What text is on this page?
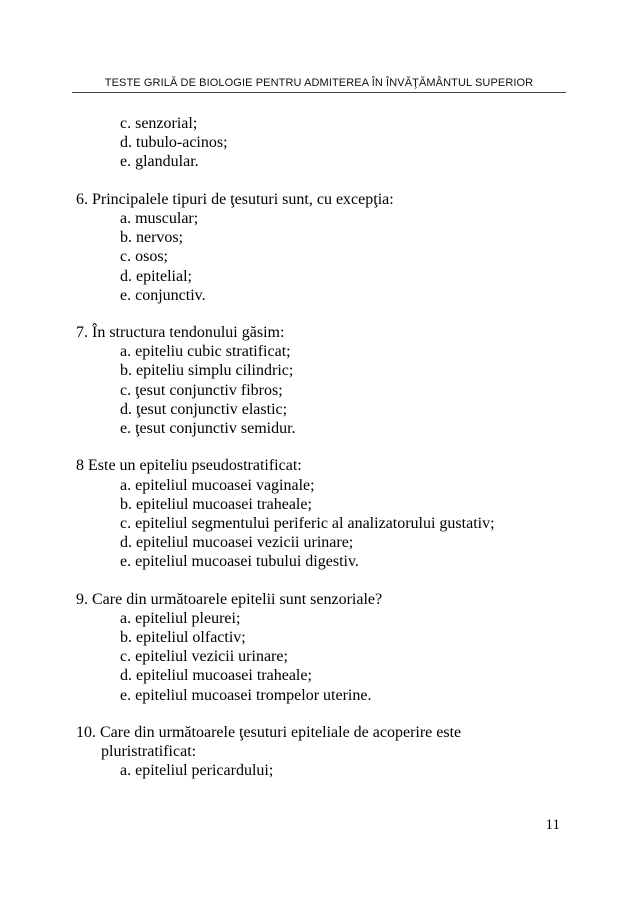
TESTE GRILĂ DE BIOLOGIE PENTRU ADMITEREA ÎN ÎNVĂŢĂMÂNTUL SUPERIOR
c. senzorial;
d. tubulo-acinos;
e. glandular.
6. Principalele tipuri de ţesuturi sunt, cu excepţia:
a. muscular;
b. nervos;
c. osos;
d. epitelial;
e. conjunctiv.
7. În structura tendonului găsim:
a. epiteliu cubic stratificat;
b. epiteliu simplu cilindric;
c. ţesut conjunctiv fibros;
d. ţesut conjunctiv elastic;
e. ţesut conjunctiv semidur.
8 Este un epiteliu pseudostratificat:
a. epiteliul mucoasei vaginale;
b. epiteliul mucoasei traheale;
c. epiteliul segmentului periferic al analizatorului gustativ;
d. epiteliul mucoasei vezicii urinare;
e. epiteliul mucoasei tubului digestiv.
9. Care din următoarele epitelii sunt senzoriale?
a. epiteliul pleurei;
b. epiteliul olfactiv;
c. epiteliul vezicii urinare;
d. epiteliul mucoasei traheale;
e. epiteliul mucoasei trompelor uterine.
10. Care din următoarele ţesuturi epiteliale de acoperire este
pluristratificat:
a. epiteliul pericardului;
11
